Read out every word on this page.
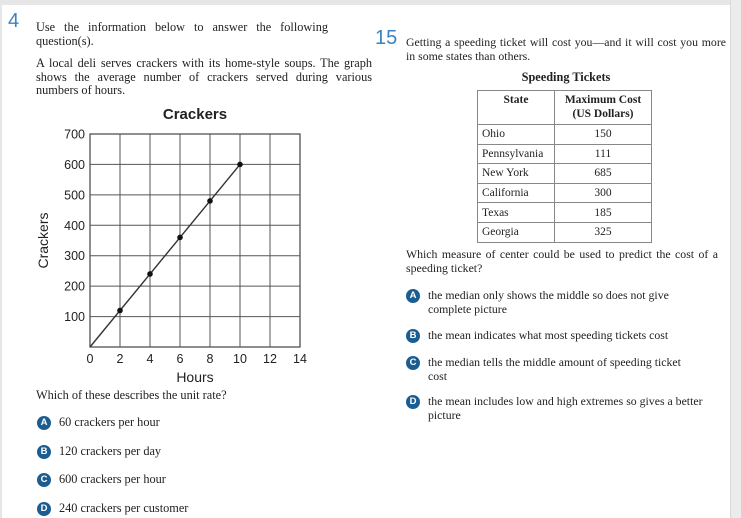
4 Use the information below to answer the following question(s).
A local deli serves crackers with its home-style soups. The graph shows the average number of crackers served during various numbers of hours.
0 2 4 6 8 10 12 14
100
200
300
400
500
600
700
Crackers
Hours
Crackers
Which of these describes the unit rate?
A 60 crackers per hour
B 120 crackers per day
C 600 crackers per hour
D 240 crackers per customer
15 Getting a speeding ticket will cost you—and it will cost you more in some states than others.
Speeding Tickets
State	Maximum Cost
(US Dollars)
Ohio	150
Pennsylvania	111
New York	685
California	300
Texas	185
Georgia	325
Which measure of center could be used to predict the cost of a speeding ticket?
A the median only shows the middle so does not give complete picture
B the mean indicates what most speeding tickets cost
C the median tells the middle amount of speeding ticket cost
D the mean includes low and high extremes so gives a better picture
